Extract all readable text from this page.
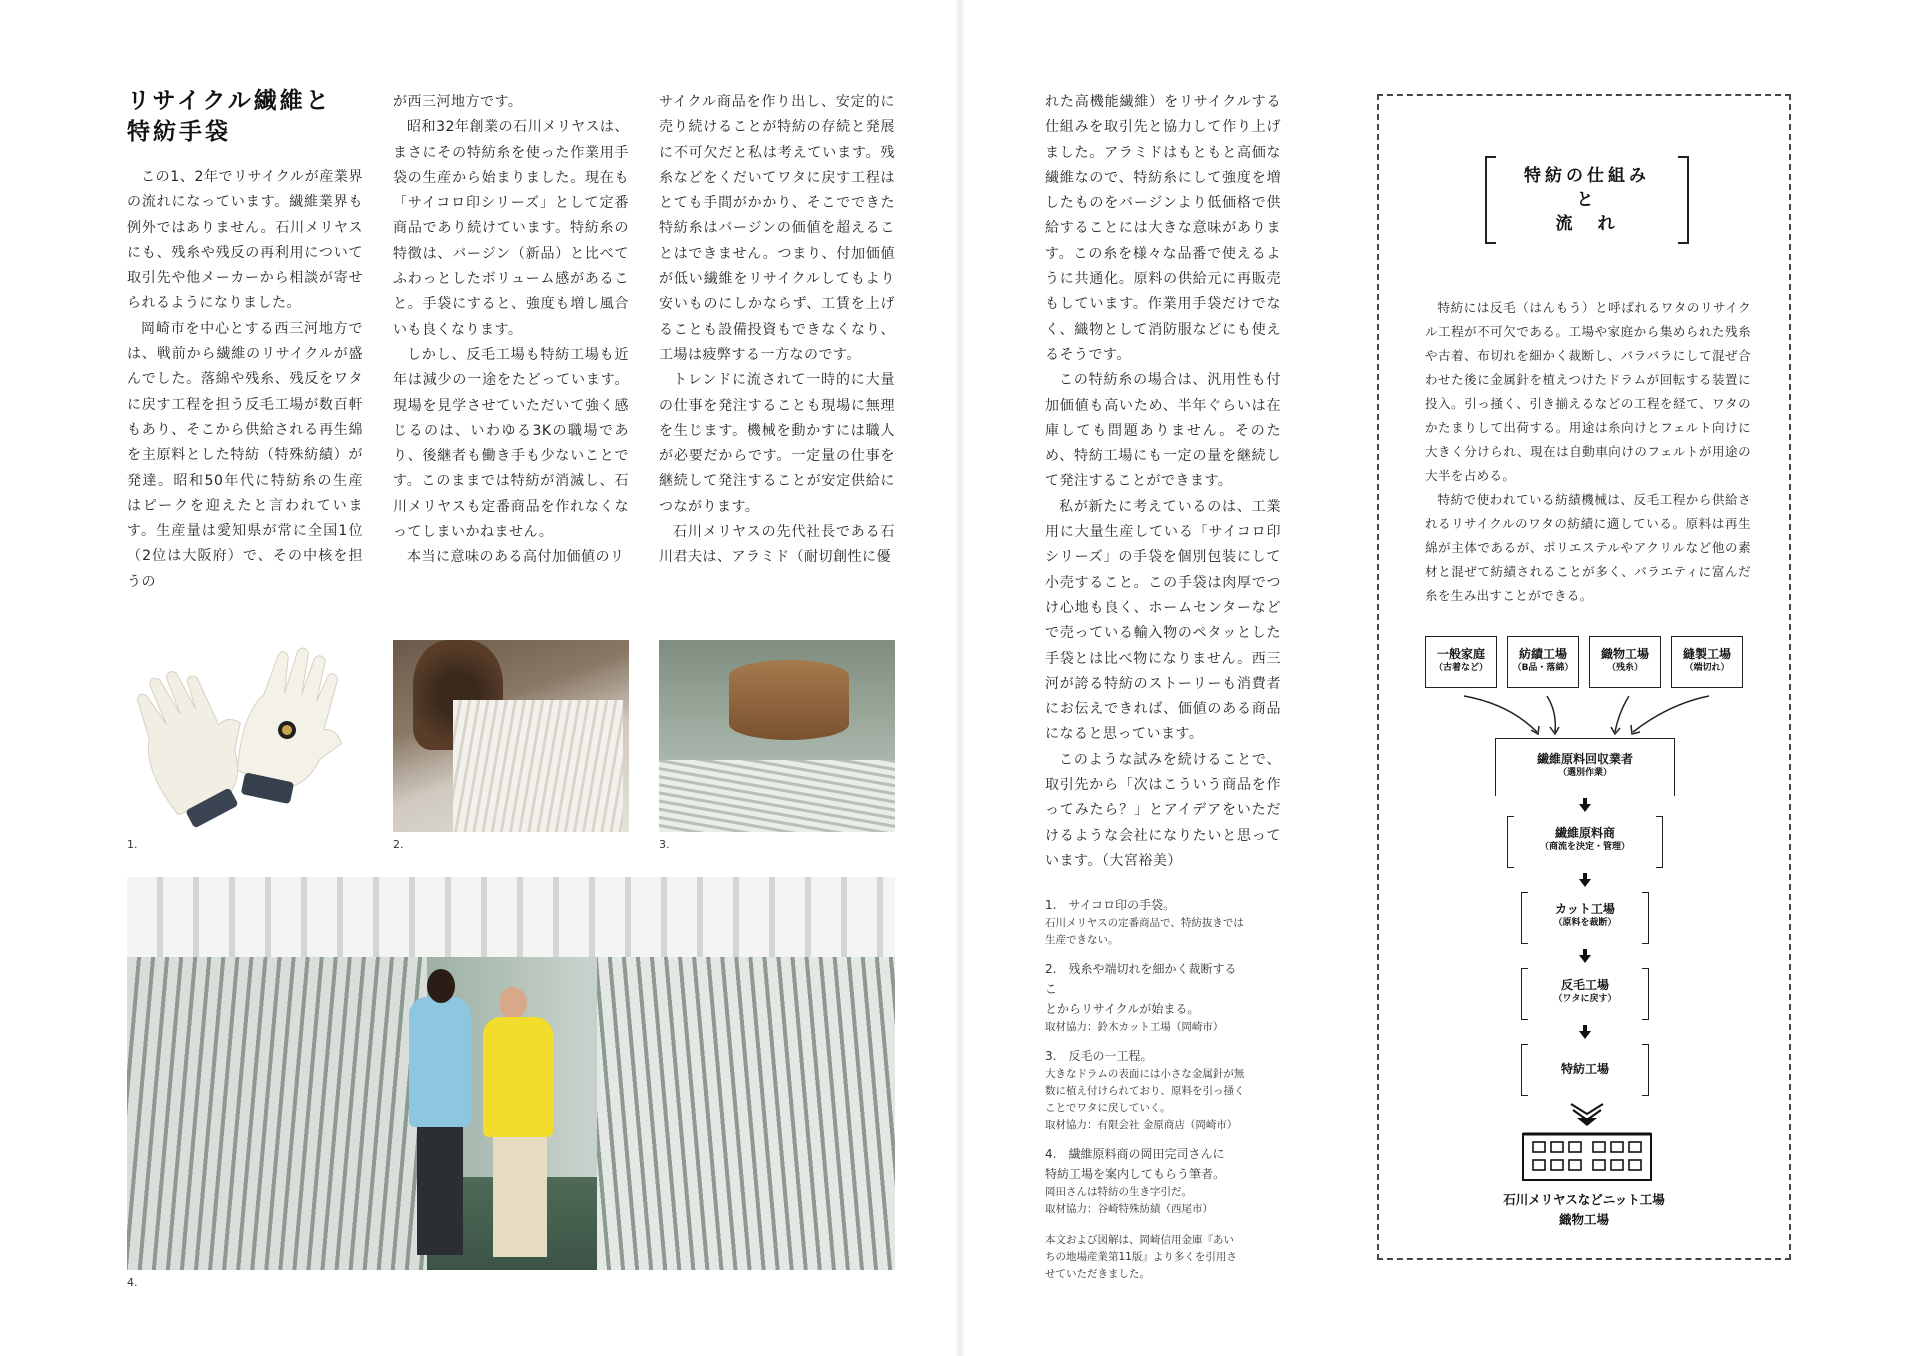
リサイクル繊維と
特紡手袋

この1、2年でリサイクルが産業界の流れになっています。繊維業界も例外ではありません。石川メリヤスにも、残糸や残反の再利用について取引先や他メーカーから相談が寄せられるようになりました。

岡崎市を中心とする西三河地方では、戦前から繊維のリサイクルが盛んでした。落綿や残糸、残反をワタに戻す工程を担う反毛工場が数百軒もあり、そこから供給される再生綿を主原料とした特紡（特殊紡績）が発達。昭和50年代に特紡糸の生産はピークを迎えたと言われています。生産量は愛知県が常に全国1位（2位は大阪府）で、その中核を担うの

が西三河地方です。

昭和32年創業の石川メリヤスは、まさにその特紡糸を使った作業用手袋の生産から始まりました。現在も「サイコロ印シリーズ」として定番商品であり続けています。特紡糸の特徴は、バージン（新品）と比べてふわっとしたボリューム感があること。手袋にすると、強度も増し風合いも良くなります。

しかし、反毛工場も特紡工場も近年は減少の一途をたどっています。現場を見学させていただいて強く感じるのは、いわゆる3Kの職場であり、後継者も働き手も少ないことです。このままでは特紡が消滅し、石川メリヤスも定番商品を作れなくなってしまいかねません。

本当に意味のある高付加価値のリ

サイクル商品を作り出し、安定的に売り続けることが特紡の存続と発展に不可欠だと私は考えています。残糸などをくだいてワタに戻す工程はとても手間がかかり、そこでできた特紡糸はバージンの価値を超えることはできません。つまり、付加価値が低い繊維をリサイクルしてもより安いものにしかならず、工賃を上げることも設備投資もできなくなり、工場は疲弊する一方なのです。

トレンドに流されて一時的に大量の仕事を発注することも現場に無理を生じます。機械を動かすには職人が必要だからです。一定量の仕事を継続して発注することが安定供給につながります。

石川メリヤスの先代社長である石川君夫は、アラミド（耐切創性に優

れた高機能繊維）をリサイクルする仕組みを取引先と協力して作り上げました。アラミドはもともと高価な繊維なので、特紡糸にして強度を増したものをバージンより低価格で供給することには大きな意味があります。この糸を様々な品番で使えるように共通化。原料の供給元に再販売もしています。作業用手袋だけでなく、織物として消防服などにも使えるそうです。

この特紡糸の場合は、汎用性も付加価値も高いため、半年ぐらいは在庫しても問題ありません。そのため、特紡工場にも一定の量を継続して発注することができます。

私が新たに考えているのは、工業用に大量生産している「サイコロ印シリーズ」の手袋を個別包装にして小売すること。この手袋は肉厚でつけ心地も良く、ホームセンターなどで売っている輸入物のペタッとした手袋とは比べ物になりません。西三河が誇る特紡のストーリーも消費者にお伝えできれば、価値のある商品になると思っています。

このような試みを続けることで、取引先から「次はこういう商品を作ってみたら？」とアイデアをいただけるような会社になりたいと思っています。（大宮裕美）

1.	2.	3.
4.
1.　サイコロ印の手袋。
石川メリヤスの定番商品で、特紡抜きでは
生産できない。
2.　残糸や端切れを細かく裁断するこ
とからリサイクルが始まる。
取材協力：鈴木カット工場（岡崎市）
3.　反毛の一工程。
大きなドラムの表面には小さな金属針が無
数に植え付けられており、原料を引っ掻く
ことでワタに戻していく。
取材協力：有限会社 金原商店（岡崎市）
4.　繊維原料商の岡田完司さんに
特紡工場を案内してもらう筆者。
岡田さんは特紡の生き字引だ。
取材協力：谷崎特殊紡績（西尾市）
本文および図解は、岡崎信用金庫『あい
ちの地場産業第11版』より多くを引用さ
せていただきました。
特紡の仕組み
と
流　れ

特紡には反毛（はんもう）と呼ばれるワタのリサイクル工程が不可欠である。工場や家庭から集められた残糸や古着、布切れを細かく裁断し、バラバラにして混ぜ合わせた後に金属針を植えつけたドラムが回転する装置に投入。引っ掻く、引き揃えるなどの工程を経て、ワタのかたまりして出荷する。用途は糸向けとフェルト向けに大きく分けられ、現在は自動車向けのフェルトが用途の大半を占める。

特紡で使われている紡績機械は、反毛工程から供給されるリサイクルのワタの紡績に適している。原料は再生綿が主体であるが、ポリエステルやアクリルなど他の素材と混ぜて紡績されることが多く、バラエティに富んだ糸を生み出すことができる。

一般家庭
（古着など）
紡績工場
（B品・落綿）
織物工場
（残糸）
縫製工場
（端切れ）
繊維原料回収業者
（選別作業）
繊維原料商
（商流を決定・管理）
カット工場
（原料を裁断）
反毛工場
（ワタに戻す）
特紡工場
石川メリヤスなどニット工場
織物工場
